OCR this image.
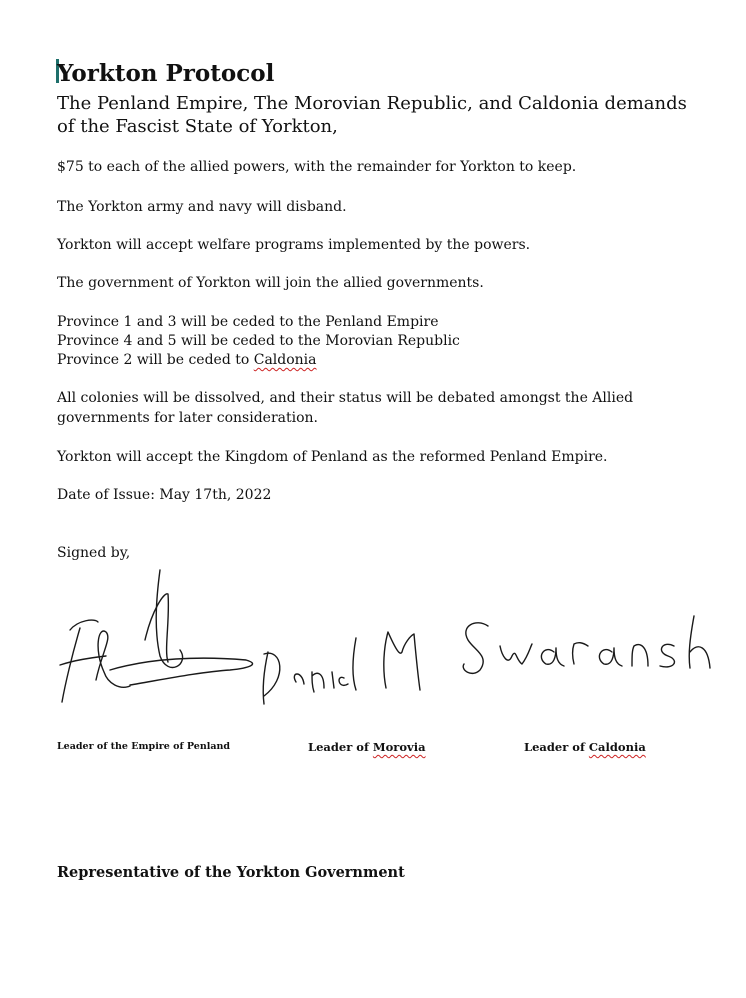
Yorkton Protocol
The Penland Empire, The Morovian Republic, and Caldonia demands of the Fascist State of Yorkton,
$75 to each of the allied powers, with the remainder for Yorkton to keep.
The Yorkton army and navy will disband.
Yorkton will accept welfare programs implemented by the powers.
The government of Yorkton will join the allied governments.
Province 1 and 3 will be ceded to the Penland Empire
Province 4 and 5 will be ceded to the Morovian Republic
Province 2 will be ceded to Caldonia
All colonies will be dissolved, and their status will be debated amongst the Allied governments for later consideration.
Yorkton will accept the Kingdom of Penland as the reformed Penland Empire.
Date of Issue: May 17th, 2022
Signed by,
Leader of the Empire of Penland	Leader of Morovia	Leader of Caldonia
Representative of the Yorkton Government
